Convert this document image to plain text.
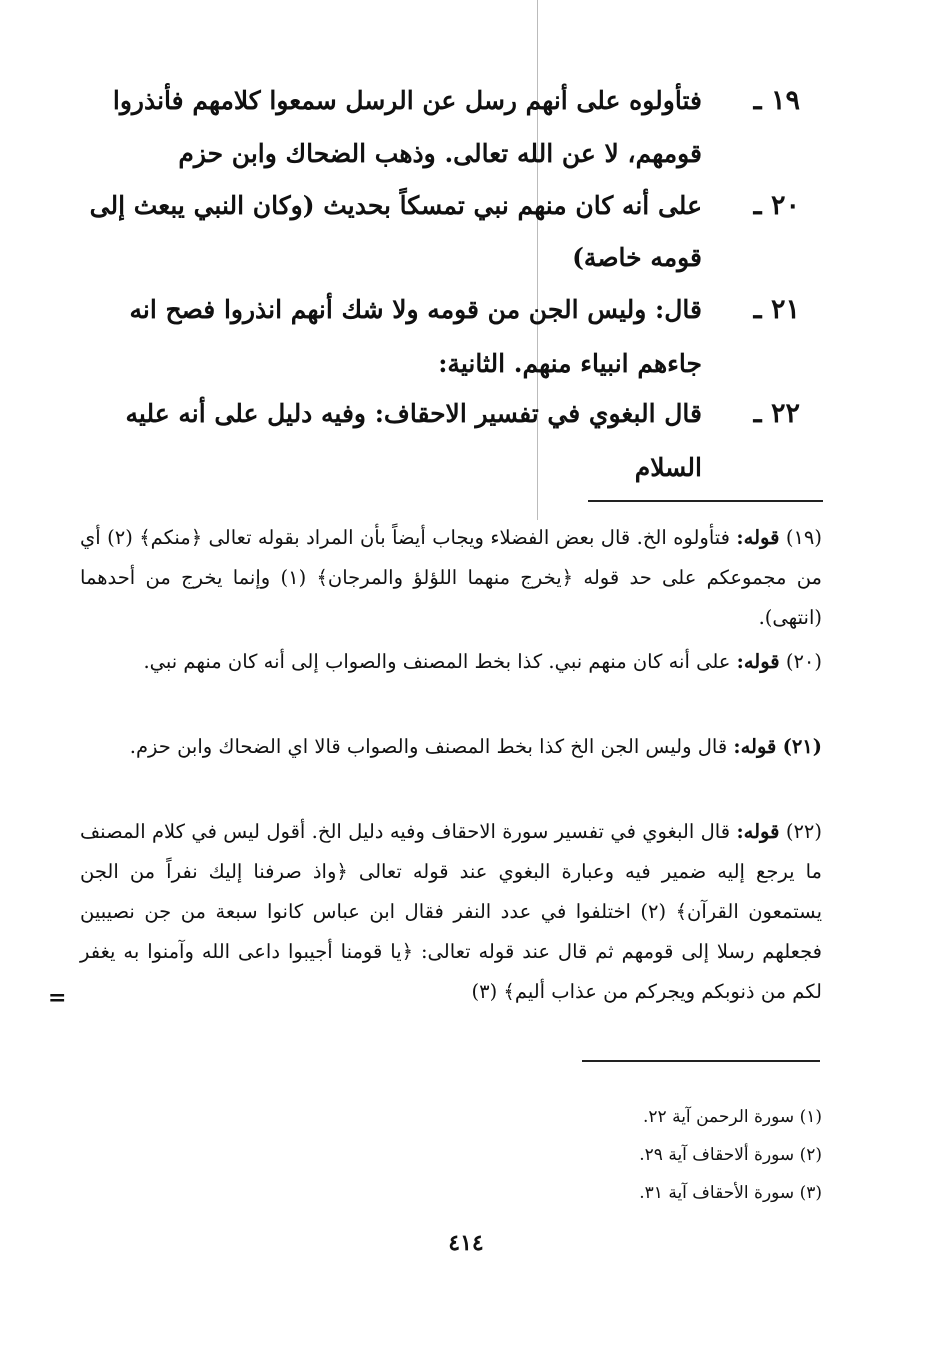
١٩ ـ
فتأولوه على أنهم رسل عن الرسل سمعوا كلامهم فأنذروا
قومهم، لا عن الله تعالى. وذهب الضحاك وابن حزم
٢٠ ـ
على أنه كان منهم نبي تمسكاً بحديث (وكان النبي يبعث إلى
قومه خاصة)
٢١ ـ
قال: وليس الجن من قومه ولا شك أنهم انذروا فصح انه
جاءهم انبياء منهم. الثانية:
٢٢ ـ
قال البغوي في تفسير الاحقاف: وفيه دليل على أنه عليه
السلام
(١٩) قوله: فتأولوه الخ. قال بعض الفضلاء ويجاب أيضاً بأن المراد بقوله تعالى ﴿منكم﴾ (٢) أي من مجموعكم على حد قوله ﴿يخرج منهما اللؤلؤ والمرجان﴾ (١) وإنما يخرج من أحدهما (انتهى).
(٢٠) قوله: على أنه كان منهم نبي. كذا بخط المصنف والصواب إلى أنه كان منهم نبي.
(٢١) قوله: قال وليس الجن الخ كذا بخط المصنف والصواب قالا اي الضحاك وابن حزم.
(٢٢) قوله: قال البغوي في تفسير سورة الاحقاف وفيه دليل الخ. أقول ليس في كلام المصنف ما يرجع إليه ضمير فيه وعبارة البغوي عند قوله تعالى ﴿واذ صرفنا إليك نفراً من الجن يستمعون القرآن﴾ (٢) اختلفوا في عدد النفر فقال ابن عباس كانوا سبعة من جن نصيبين فجعلهم رسلا إلى قومهم ثم قال عند قوله تعالى: ﴿يا قومنا أجيبوا داعى الله وآمنوا به يغفر لكم من ذنوبكم ويجركم من عذاب أليم﴾ (٣)
=
(١) سورة الرحمن آية ٢٢.
(٢) سورة ألاحقاف آية ٢٩.
(٣) سورة الأحقاف آية ٣١.
٤١٤
